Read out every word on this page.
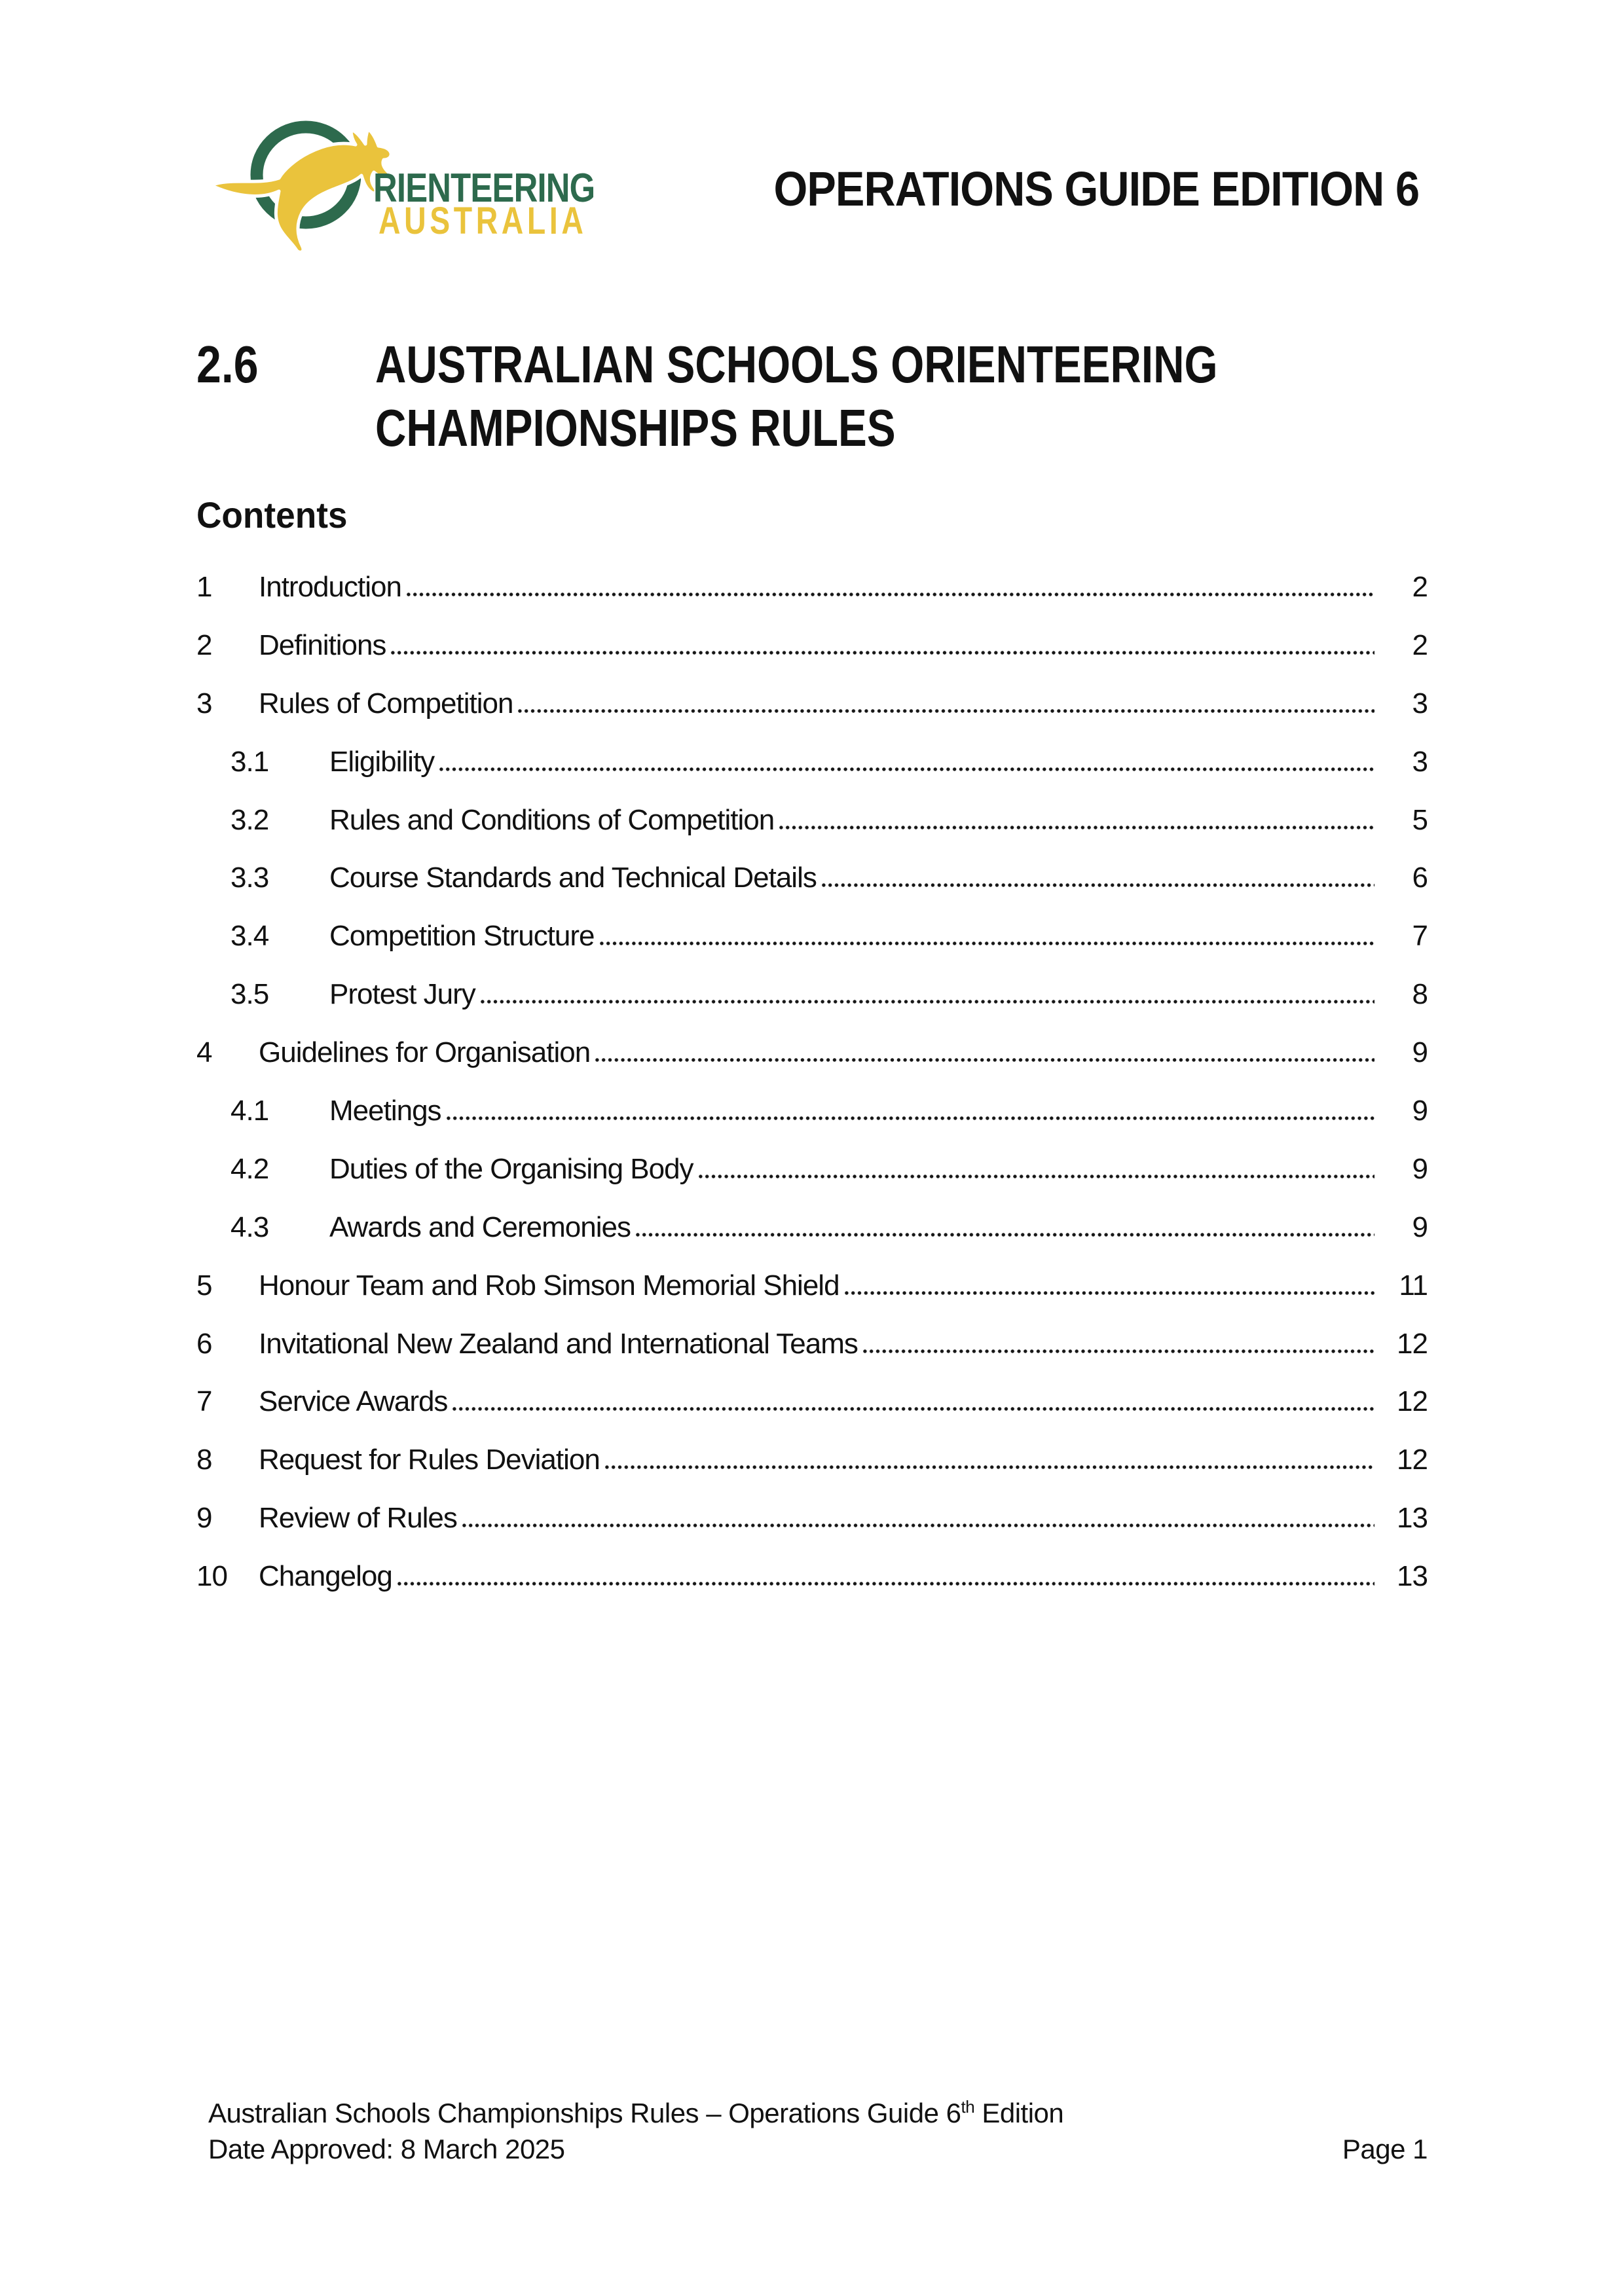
RIENTEERING
AUSTRALIA
OPERATIONS GUIDE EDITION 6
2.6	AUSTRALIAN SCHOOLS ORIENTEERING
CHAMPIONSHIPS RULES
Contents
1	Introduction	2
2	Definitions	2
3	Rules of Competition	3
3.1	Eligibility	3
3.2	Rules and Conditions of Competition	5
3.3	Course Standards and Technical Details	6
3.4	Competition Structure	7
3.5	Protest Jury	8
4	Guidelines for Organisation	9
4.1	Meetings	9
4.2	Duties of the Organising Body	9
4.3	Awards and Ceremonies	9
5	Honour Team and Rob Simson Memorial Shield	11
6	Invitational New Zealand and International Teams	12
7	Service Awards	12
8	Request for Rules Deviation	12
9	Review of Rules	13
10	Changelog	13
Australian Schools Championships Rules – Operations Guide 6th Edition
Date Approved: 8 March 2025	Page 1
